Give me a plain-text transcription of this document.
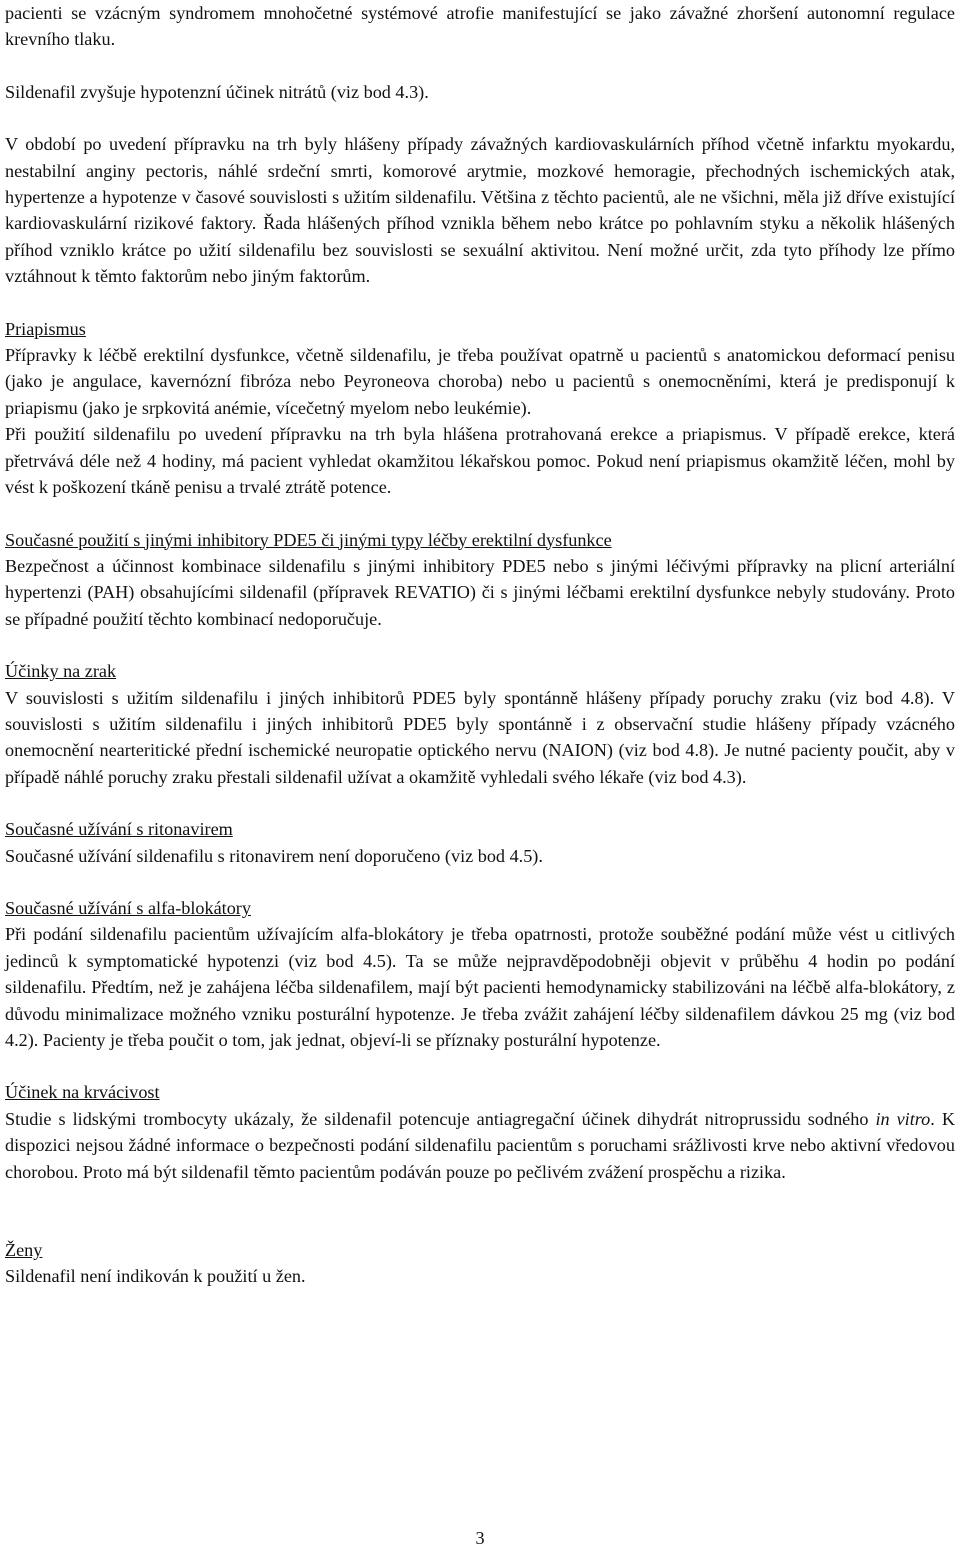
pacienti se vzácným syndromem mnohočetné systémové atrofie manifestující se jako závažné zhoršení autonomní regulace krevního tlaku.

Sildenafil zvyšuje hypotenzní účinek nitrátů (viz bod 4.3).

V období po uvedení přípravku na trh byly hlášeny případy závažných kardiovaskulárních příhod včetně infarktu myokardu, nestabilní anginy pectoris, náhlé srdeční smrti, komorové arytmie, mozkové hemoragie, přechodných ischemických atak, hypertenze a hypotenze v časové souvislosti s užitím sildenafilu. Většina z těchto pacientů, ale ne všichni, měla již dříve existující kardiovaskulární rizikové faktory. Řada hlášených příhod vznikla během nebo krátce po pohlavním styku a několik hlášených příhod vzniklo krátce po užití sildenafilu bez souvislosti se sexuální aktivitou. Není možné určit, zda tyto příhody lze přímo vztáhnout k těmto faktorům nebo jiným faktorům.

Priapismus

Přípravky k léčbě erektilní dysfunkce, včetně sildenafilu, je třeba používat opatrně u pacientů s anatomickou deformací penisu (jako je angulace, kavernózní fibróza nebo Peyroneova choroba) nebo u pacientů s onemocněními, která je predisponují k priapismu (jako je srpkovitá anémie, vícečetný myelom nebo leukémie).

Při použití sildenafilu po uvedení přípravku na trh byla hlášena protrahovaná erekce a priapismus. V případě erekce, která přetrvává déle než 4 hodiny, má pacient vyhledat okamžitou lékařskou pomoc. Pokud není priapismus okamžitě léčen, mohl by vést k poškození tkáně penisu a trvalé ztrátě potence.

Současné použití s jinými inhibitory PDE5 či jinými typy léčby erektilní dysfunkce

Bezpečnost a účinnost kombinace sildenafilu s jinými inhibitory PDE5 nebo s jinými léčivými přípravky na plicní arteriální hypertenzi (PAH) obsahujícími sildenafil (přípravek REVATIO) či s jinými léčbami erektilní dysfunkce nebyly studovány. Proto se případné použití těchto kombinací nedoporučuje.

Účinky na zrak

V souvislosti s užitím sildenafilu i jiných inhibitorů PDE5 byly spontánně hlášeny případy poruchy zraku (viz bod 4.8). V souvislosti s užitím sildenafilu i jiných inhibitorů PDE5 byly spontánně i z observační studie hlášeny případy vzácného onemocnění nearteritické přední ischemické neuropatie optického nervu (NAION) (viz bod 4.8). Je nutné pacienty poučit, aby v případě náhlé poruchy zraku přestali sildenafil užívat a okamžitě vyhledali svého lékaře (viz bod 4.3).

Současné užívání s ritonavirem

Současné užívání sildenafilu s ritonavirem není doporučeno (viz bod 4.5).

Současné užívání s alfa-blokátory

Při podání sildenafilu pacientům užívajícím alfa-blokátory je třeba opatrnosti, protože souběžné podání může vést u citlivých jedinců k symptomatické hypotenzi (viz bod 4.5). Ta se může nejpravděpodobněji objevit v průběhu 4 hodin po podání sildenafilu. Předtím, než je zahájena léčba sildenafilem, mají být pacienti hemodynamicky stabilizováni na léčbě alfa-blokátory, z důvodu minimalizace možného vzniku posturální hypotenze. Je třeba zvážit zahájení léčby sildenafilem dávkou 25 mg (viz bod 4.2). Pacienty je třeba poučit o tom, jak jednat, objeví-li se příznaky posturální hypotenze.

Účinek na krvácivost

Studie s lidskými trombocyty ukázaly, že sildenafil potencuje antiagregační účinek dihydrát nitroprussidu sodného in vitro. K dispozici nejsou žádné informace o bezpečnosti podání sildenafilu pacientům s poruchami srážlivosti krve nebo aktivní vředovou chorobou. Proto má být sildenafil těmto pacientům podáván pouze po pečlivém zvážení prospěchu a rizika.

Ženy

Sildenafil není indikován k použití u žen.

3
